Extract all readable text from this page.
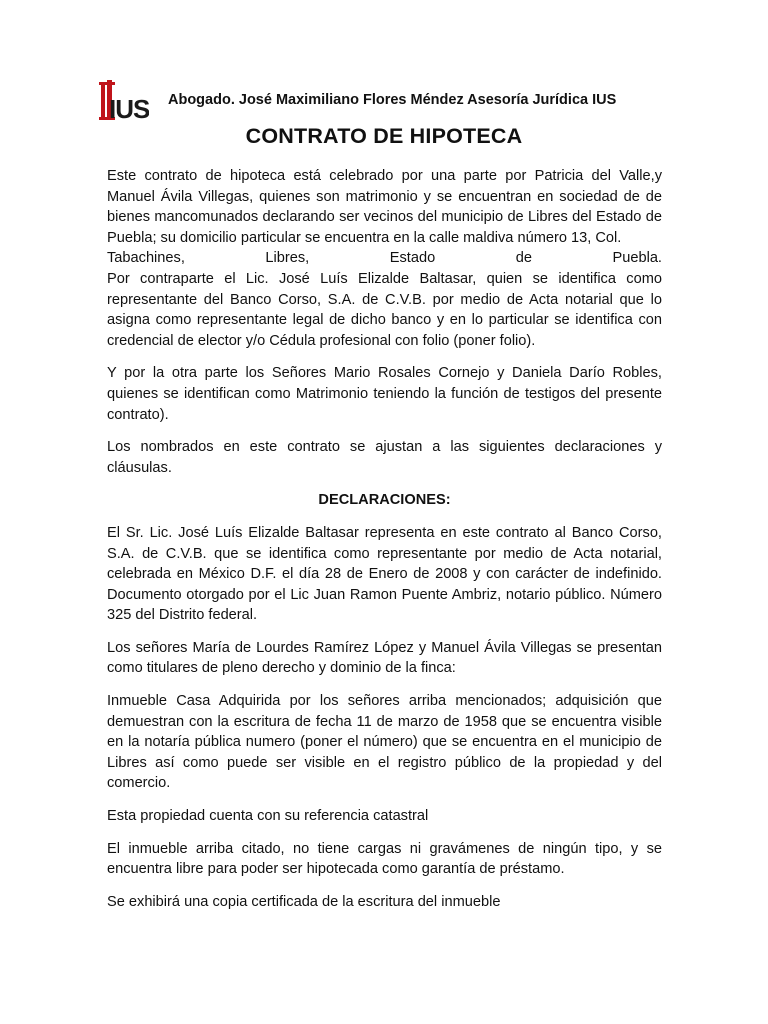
IUS Abogado. José Maximiliano Flores Méndez Asesoría Jurídica IUS
CONTRATO DE HIPOTECA

Este contrato de hipoteca está celebrado por una parte por Patricia del Valle,y Manuel Ávila Villegas, quienes son matrimonio y se encuentran en sociedad de de bienes mancomunados declarando ser vecinos del municipio de Libres del Estado de Puebla; su domicilio particular se encuentra en la calle maldiva número 13, Col.

Tabachines, Libres, Estado de Puebla.

Por contraparte el Lic. José Luís Elizalde Baltasar, quien se identifica como representante del Banco Corso, S.A. de C.V.B. por medio de Acta notarial que lo asigna como representante legal de dicho banco y en lo particular se identifica con credencial de elector y/o Cédula profesional con folio (poner folio).

Y por la otra parte los Señores Mario Rosales Cornejo y Daniela Darío Robles, quienes se identifican como Matrimonio teniendo la función de testigos del presente contrato).

Los nombrados en este contrato se ajustan a las siguientes declaraciones y cláusulas.

DECLARACIONES:

El Sr. Lic. José Luís Elizalde Baltasar representa en este contrato al Banco Corso, S.A. de C.V.B. que se identifica como representante por medio de Acta notarial, celebrada en México D.F. el día 28 de Enero de 2008 y con carácter de indefinido. Documento otorgado por el Lic Juan Ramon Puente Ambriz, notario público. Número 325 del Distrito federal.

Los señores María de Lourdes Ramírez López y Manuel Ávila Villegas se presentan como titulares de pleno derecho y dominio de la finca:

Inmueble Casa Adquirida por los señores arriba mencionados; adquisición que demuestran con la escritura de fecha 11 de marzo de 1958 que se encuentra visible en la notaría pública numero (poner el número) que se encuentra en el municipio de Libres así como puede ser visible en el registro público de la propiedad y del comercio.

Esta propiedad cuenta con su referencia catastral

El inmueble arriba citado, no tiene cargas ni gravámenes de ningún tipo, y se encuentra libre para poder ser hipotecada como garantía de préstamo.

Se exhibirá una copia certificada de la escritura del inmueble
